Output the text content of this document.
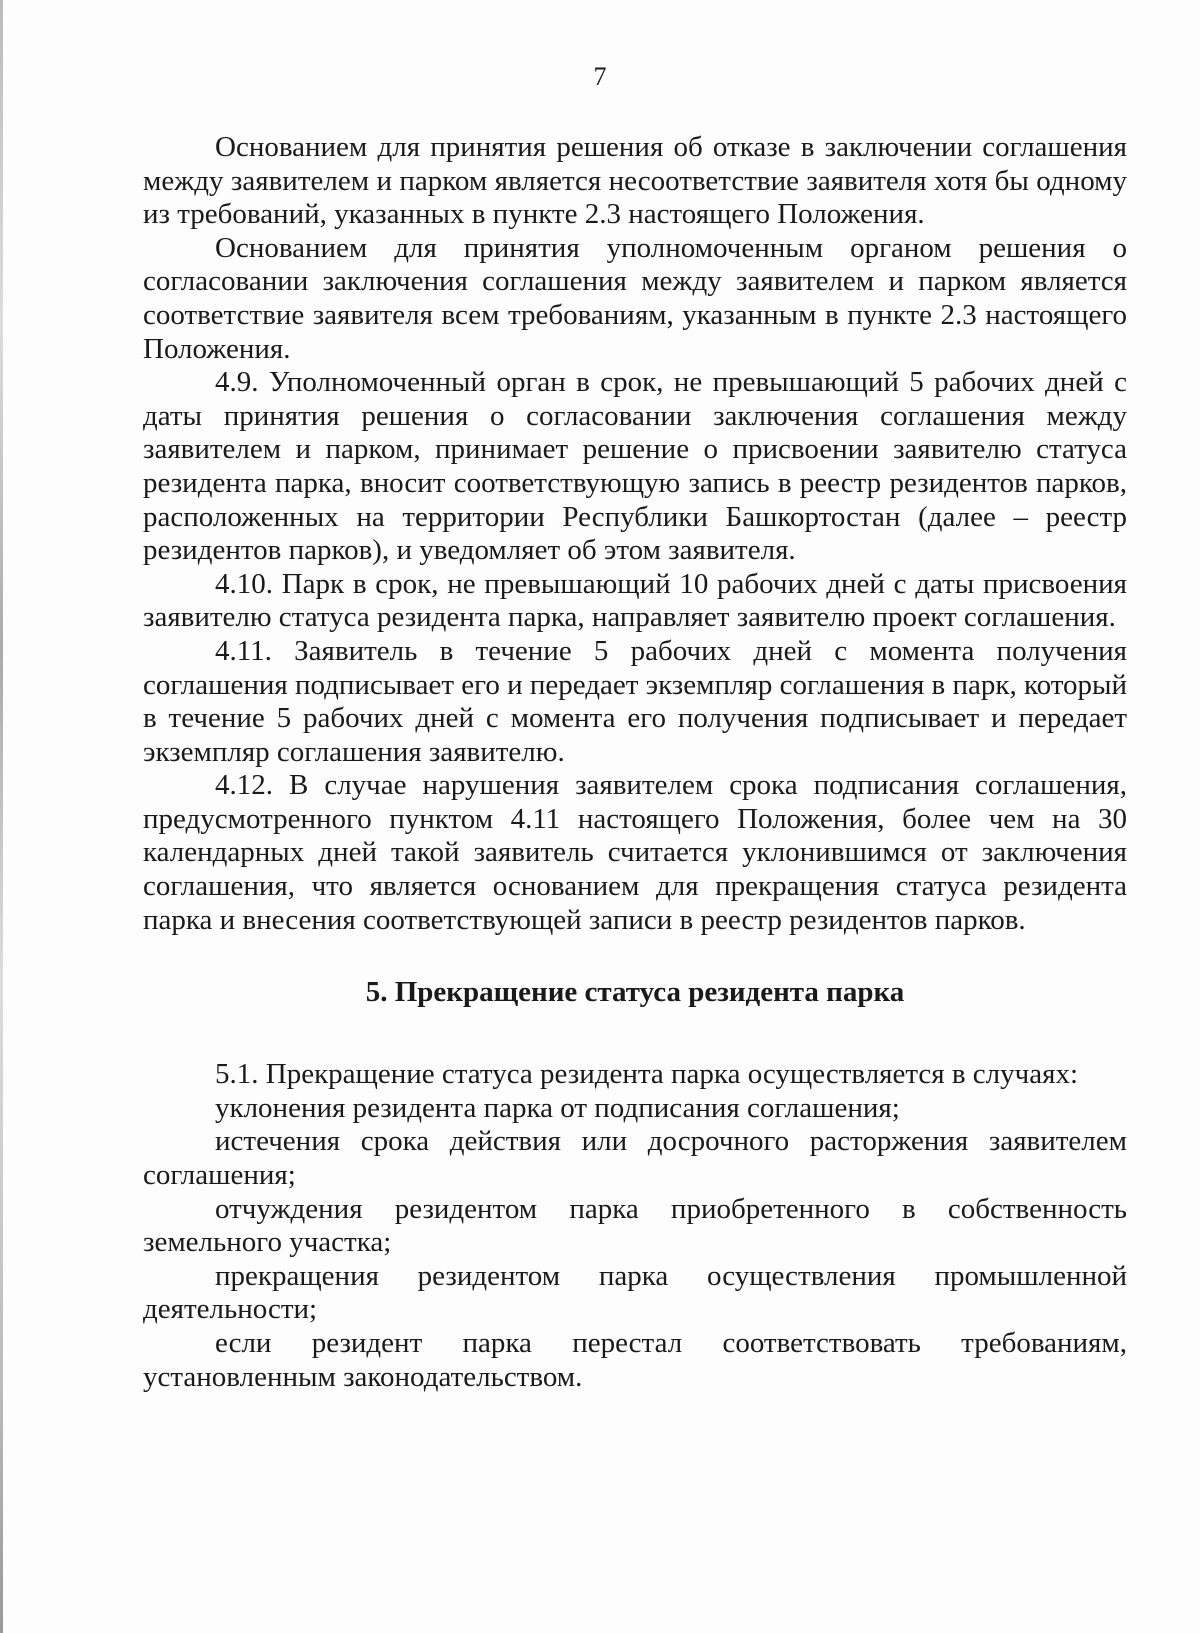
7

Основанием для принятия решения об отказе в заключении соглашения между заявителем и парком является несоответствие заявителя хотя бы одному из требований, указанных в пункте 2.3 настоящего Положения.

Основанием для принятия уполномоченным органом решения о согласовании заключения соглашения между заявителем и парком является соответствие заявителя всем требованиям, указанным в пункте 2.3 настоящего Положения.

4.9. Уполномоченный орган в срок, не превышающий 5 рабочих дней с даты принятия решения о согласовании заключения соглашения между заявителем и парком, принимает решение о присвоении заявителю статуса резидента парка, вносит соответствующую запись в реестр резидентов парков, расположенных на территории Республики Башкортостан (далее – реестр резидентов парков), и уведомляет об этом заявителя.

4.10. Парк в срок, не превышающий 10 рабочих дней с даты присвоения заявителю статуса резидента парка, направляет заявителю проект соглашения.

4.11. Заявитель в течение 5 рабочих дней с момента получения соглашения подписывает его и передает экземпляр соглашения в парк, который в течение 5 рабочих дней с момента его получения подписывает и передает экземпляр соглашения заявителю.

4.12. В случае нарушения заявителем срока подписания соглашения, предусмотренного пунктом 4.11 настоящего Положения, более чем на 30 календарных дней такой заявитель считается уклонившимся от заключения соглашения, что является основанием для прекращения статуса резидента парка и внесения соответствующей записи в реестр резидентов парков.

5. Прекращение статуса резидента парка

5.1. Прекращение статуса резидента парка осуществляется в случаях:

уклонения резидента парка от подписания соглашения;

истечения срока действия или досрочного расторжения заявителем соглашения;

отчуждения резидентом парка приобретенного в собственность земельного участка;

прекращения резидентом парка осуществления промышленной деятельности;

если резидент парка перестал соответствовать требованиям, установленным законодательством.
